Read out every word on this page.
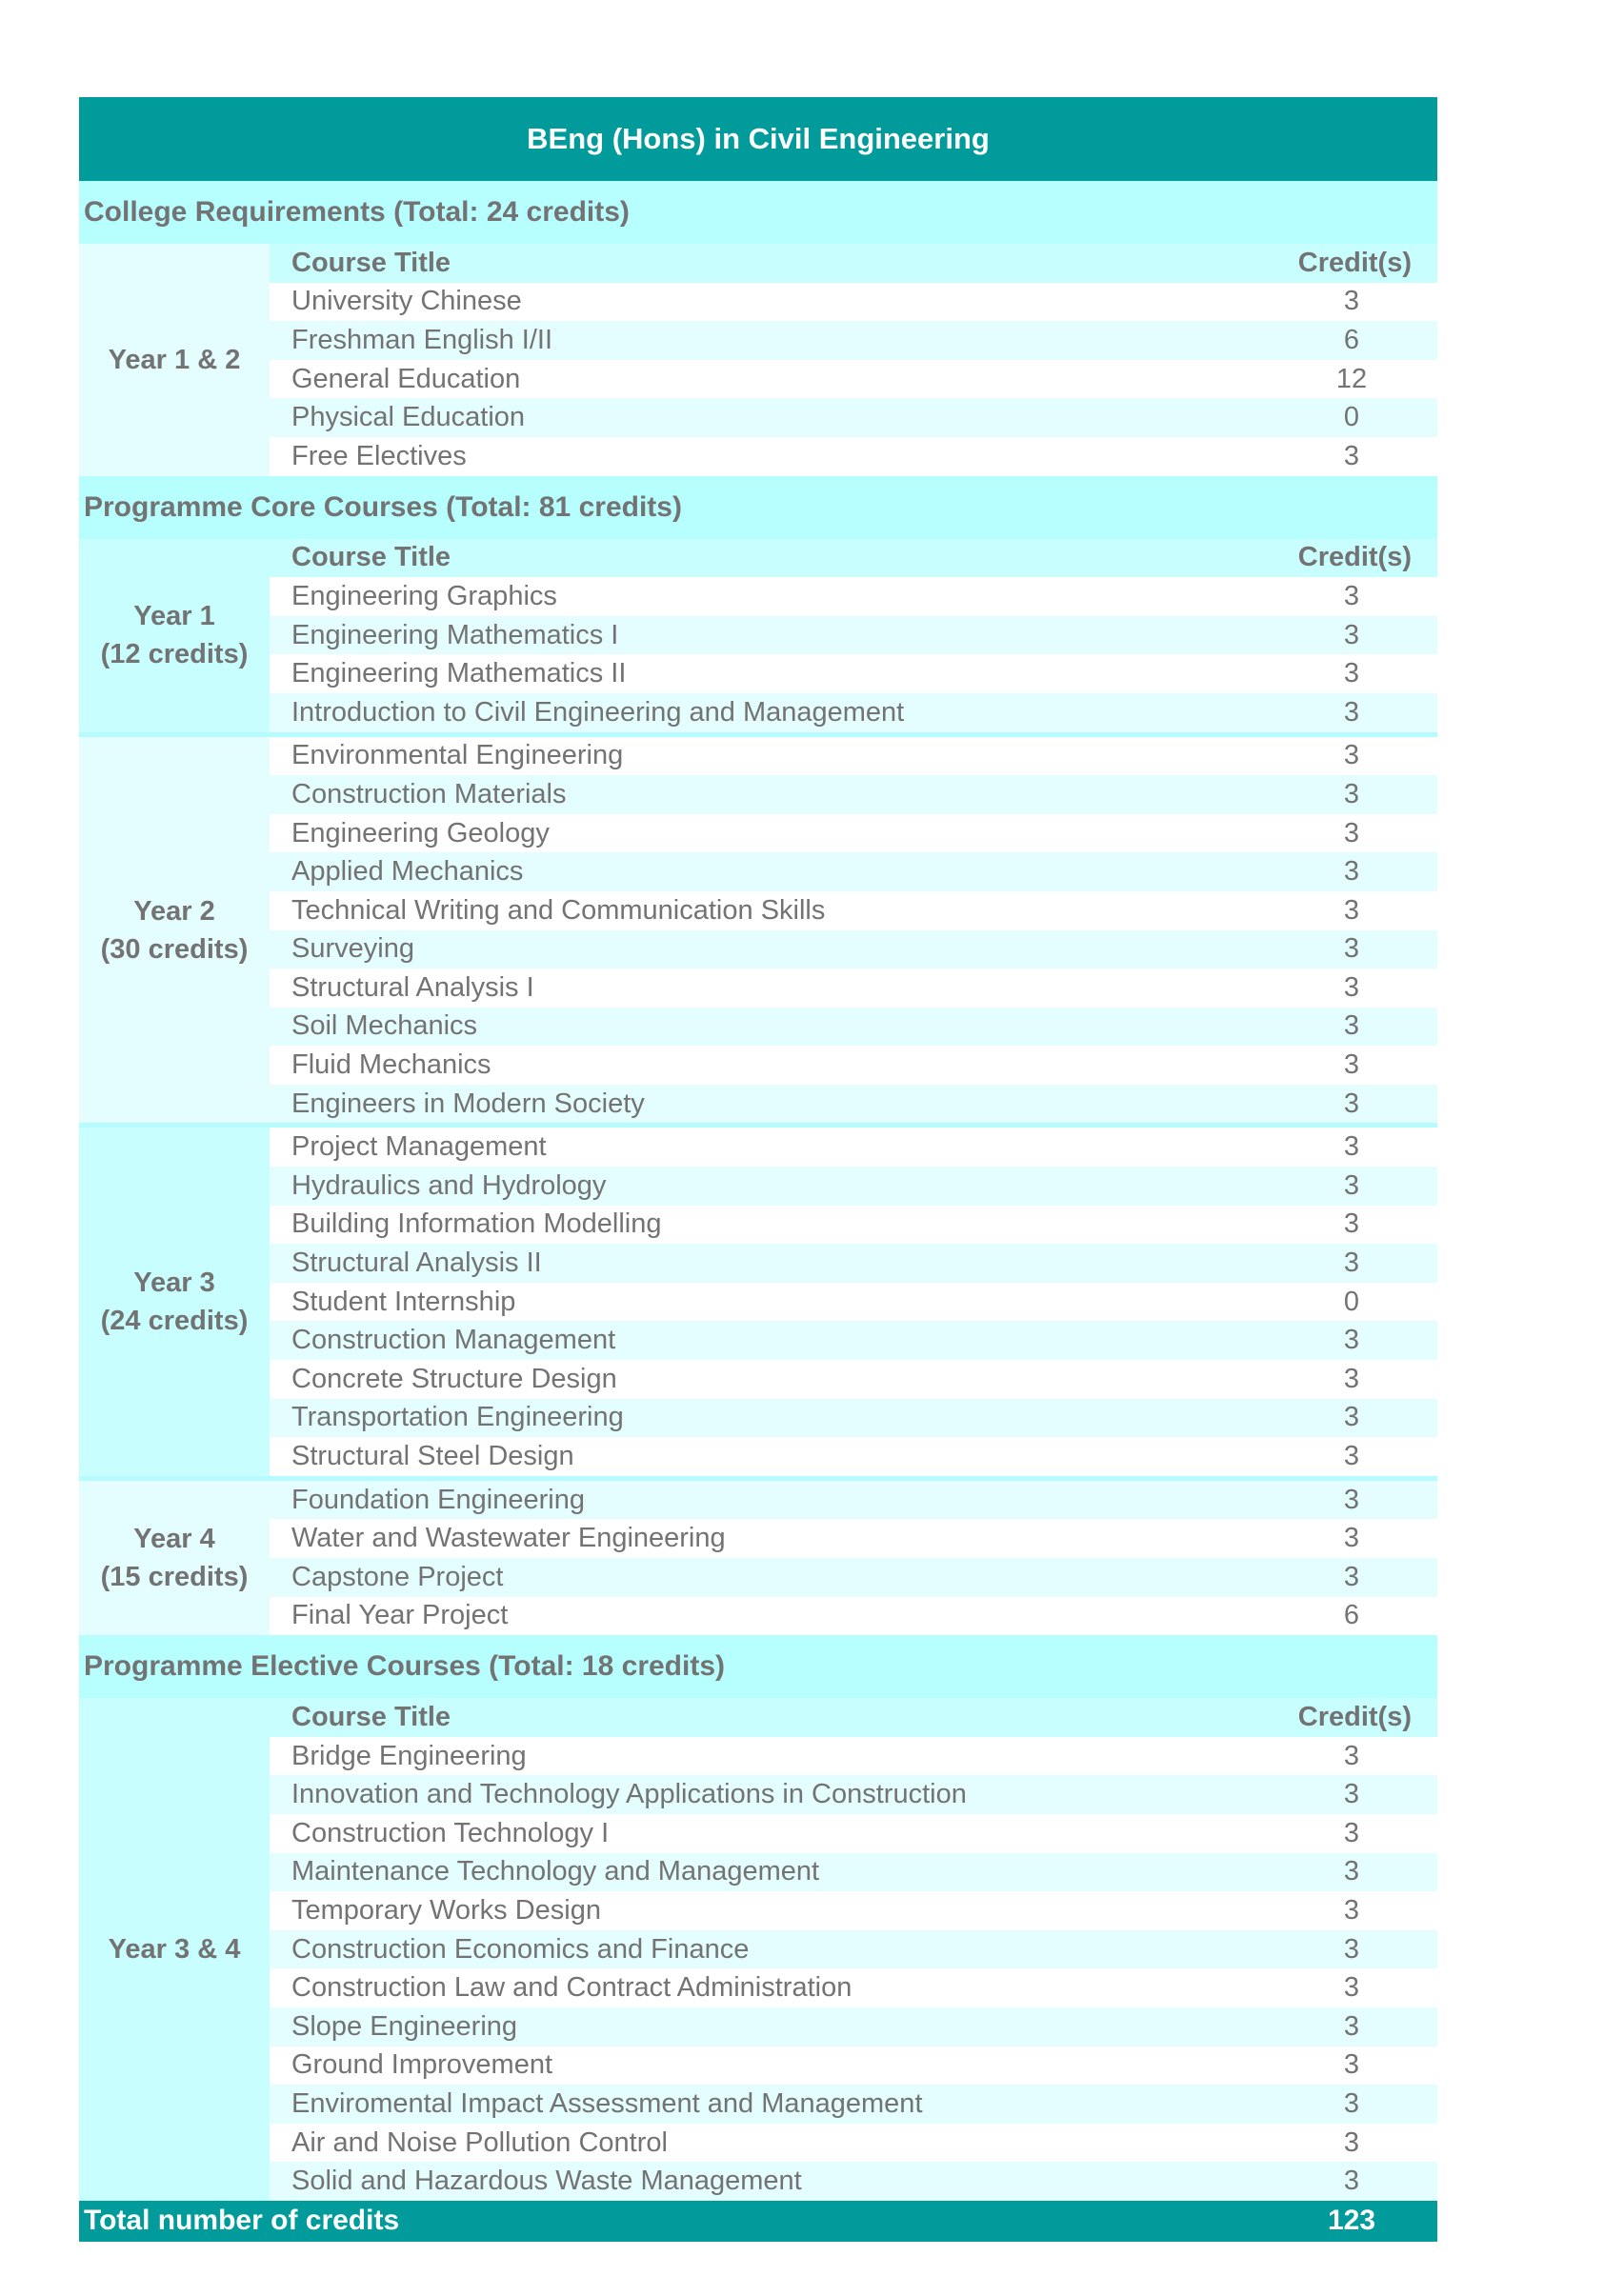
BEng (Hons) in Civil Engineering
College Requirements (Total: 24 credits)
Year 1 & 2
Course Title	Credit(s)
University Chinese	3
Freshman English I/II	6
General Education	12
Physical Education	0
Free Electives	3
Programme Core Courses (Total: 81 credits)
Year 1
(12 credits)
Course Title	Credit(s)
Engineering Graphics	3
Engineering Mathematics I	3
Engineering Mathematics II	3
Introduction to Civil Engineering and Management	3
Year 2
(30 credits)
Environmental Engineering	3
Construction Materials	3
Engineering Geology	3
Applied Mechanics	3
Technical Writing and Communication Skills	3
Surveying	3
Structural Analysis I	3
Soil Mechanics	3
Fluid Mechanics	3
Engineers in Modern Society	3
Year 3
(24 credits)
Project Management	3
Hydraulics and Hydrology	3
Building Information Modelling	3
Structural Analysis II	3
Student Internship	0
Construction Management	3
Concrete Structure Design	3
Transportation Engineering	3
Structural Steel Design	3
Year 4
(15 credits)
Foundation Engineering	3
Water and Wastewater Engineering	3
Capstone Project	3
Final Year Project	6
Programme Elective Courses (Total: 18 credits)
Year 3 & 4
Course Title	Credit(s)
Bridge Engineering	3
Innovation and Technology Applications in Construction	3
Construction Technology I	3
Maintenance Technology and Management	3
Temporary Works Design	3
Construction Economics and Finance	3
Construction Law and Contract Administration	3
Slope Engineering	3
Ground Improvement	3
Enviromental Impact Assessment and Management	3
Air and Noise Pollution Control	3
Solid and Hazardous Waste Management	3
Total number of credits	123
